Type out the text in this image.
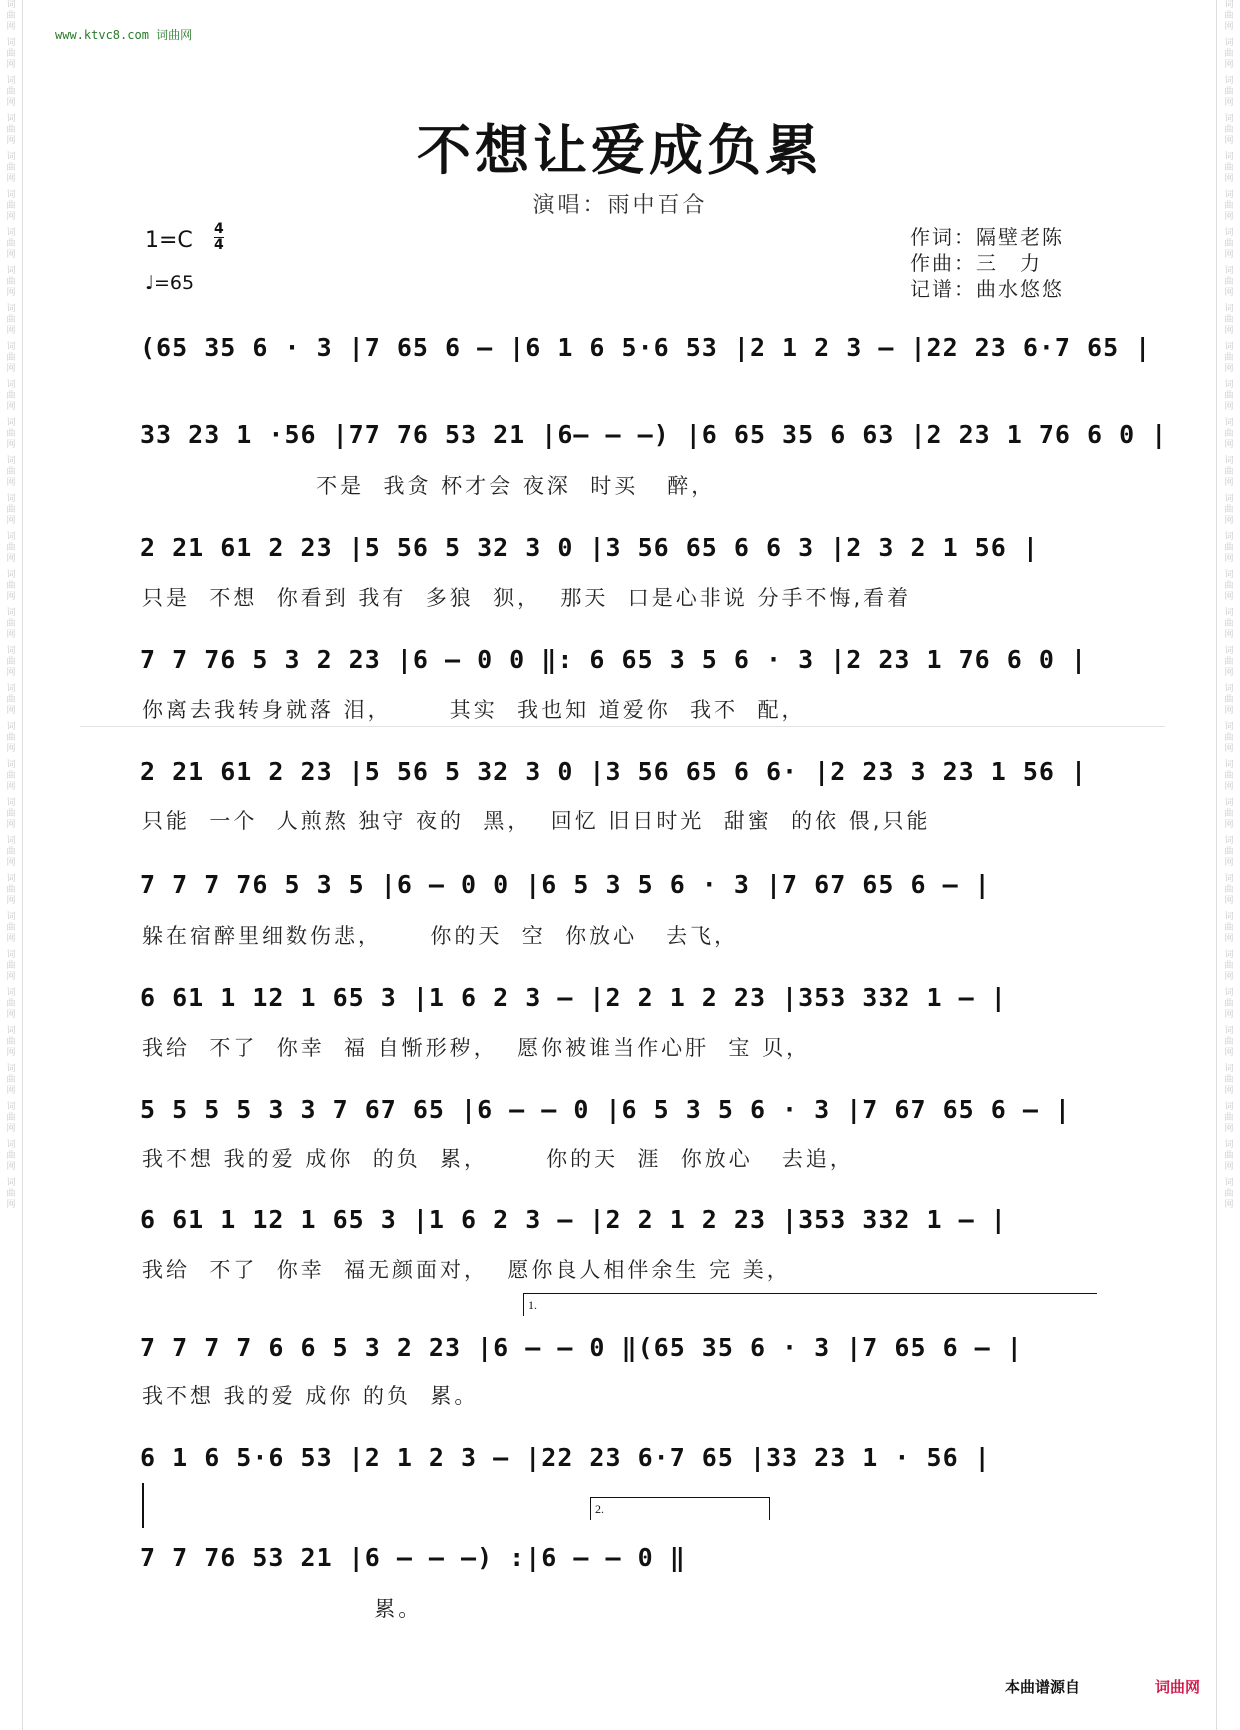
词曲网
词曲网
词曲网
词曲网
词曲网
词曲网
词曲网
词曲网
词曲网
词曲网
词曲网
词曲网
词曲网
词曲网
词曲网
词曲网
词曲网
词曲网
词曲网
词曲网
词曲网
词曲网
词曲网
词曲网
词曲网
词曲网
词曲网
词曲网
词曲网
词曲网
词曲网
词曲网
词曲网
词曲网
词曲网
词曲网
词曲网
词曲网
词曲网
词曲网
词曲网
词曲网
词曲网
词曲网
词曲网
词曲网
词曲网
词曲网
词曲网
词曲网
词曲网
词曲网
词曲网
词曲网
词曲网
词曲网
词曲网
词曲网
词曲网
词曲网
词曲网
词曲网
词曲网
词曲网
www.ktvc8.com 词曲网
不想让爱成负累
演唱：雨中百合
$1=C \frac{4}{4}$
♩=65
作词：隔壁老陈
作曲：三　力
记谱：曲水悠悠
(65 35 6 · 3 |7 65 6 – |6 1 6 5·6 53 |2 1 2 3 – |22 23 6·7 65 |
33 23 1 ·56 |77 76 53 21 |6– – –) |6 65 35 6 63 |2 23 1 76 6 0 |
不是  我贪 杯才会 夜深  时买   醉，
2 21 61 2 23 |5 56 5 32 3 0 |3 56 65 6 6 3 |2 3 2 1 56 |
只是  不想  你看到 我有  多狼  狈，  那天  口是心非说 分手不悔,看着
7 7 76 5 3 2 23 |6 – 0 0 ‖: 6 65 3 5 6 · 3 |2 23 1 76 6 0 |
你离去我转身就落 泪，      其实  我也知 道爱你  我不  配，
2 21 61 2 23 |5 56 5 32 3 0 |3 56 65 6 6· |2 23 3 23 1 56 |
只能  一个  人煎熬 独守 夜的  黑，  回忆 旧日时光  甜蜜  的依 偎,只能
7 7 7 76 5 3 5 |6 – 0 0 |6 5 3 5 6 · 3 |7 67 65 6 – |
躲在宿醉里细数伤悲，     你的天  空  你放心   去飞，
6 61 1 12 1 65 3 |1 6 2 3 – |2 2 1 2 23 |353 332 1 – |
我给  不了  你幸  福 自惭形秽，  愿你被谁当作心肝  宝 贝，
5 5 5 5 3 3 7 67 65 |6 – – 0 |6 5 3 5 6 · 3 |7 67 65 6 – |
我不想 我的爱 成你  的负  累，      你的天  涯  你放心   去追，
6 61 1 12 1 65 3 |1 6 2 3 – |2 2 1 2 23 |353 332 1 – |
我给  不了  你幸  福无颜面对，  愿你良人相伴余生 完 美，
1.
7 7 7 7 6 6 5 3 2 23 |6 – – 0 ‖(65 35 6 · 3 |7 65 6 – |
我不想 我的爱 成你 的负  累。
6 1 6 5·6 53 |2 1 2 3 – |22 23 6·7 65 |33 23 1 · 56 |
2.
7 7 76 53 21 |6 – – –) :|6 – – 0 ‖
累。
本曲谱源自	词曲网
